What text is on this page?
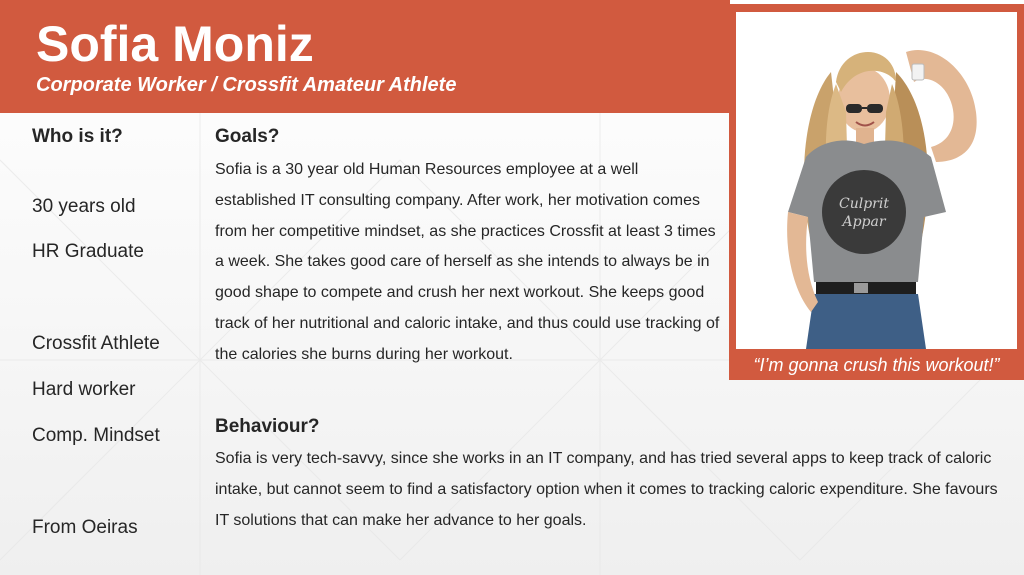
Sofia Moniz
Corporate Worker / Crossfit Amateur Athlete
Culprit
Appar
“I’m gonna crush this workout!”
Who is it?
30 years old
HR Graduate
Crossfit Athlete
Hard worker
Comp. Mindset
From Oeiras
Goals?
Sofia is a 30 year old Human Resources employee at a well established IT consulting company. After work, her motivation comes from her competitive mindset, as she practices Crossfit at least 3 times a week. She takes good care of herself as she intends to always be in good shape to compete and crush her next workout. She keeps good track of her nutritional and caloric intake, and thus could use tracking of the calories she burns during her workout.
Behaviour?
Sofia is very tech-savvy, since she works in an IT company, and has tried several apps to keep track of caloric intake, but cannot seem to find a satisfactory option when it comes to tracking caloric expenditure. She favours IT solutions that can make her advance to her goals.
